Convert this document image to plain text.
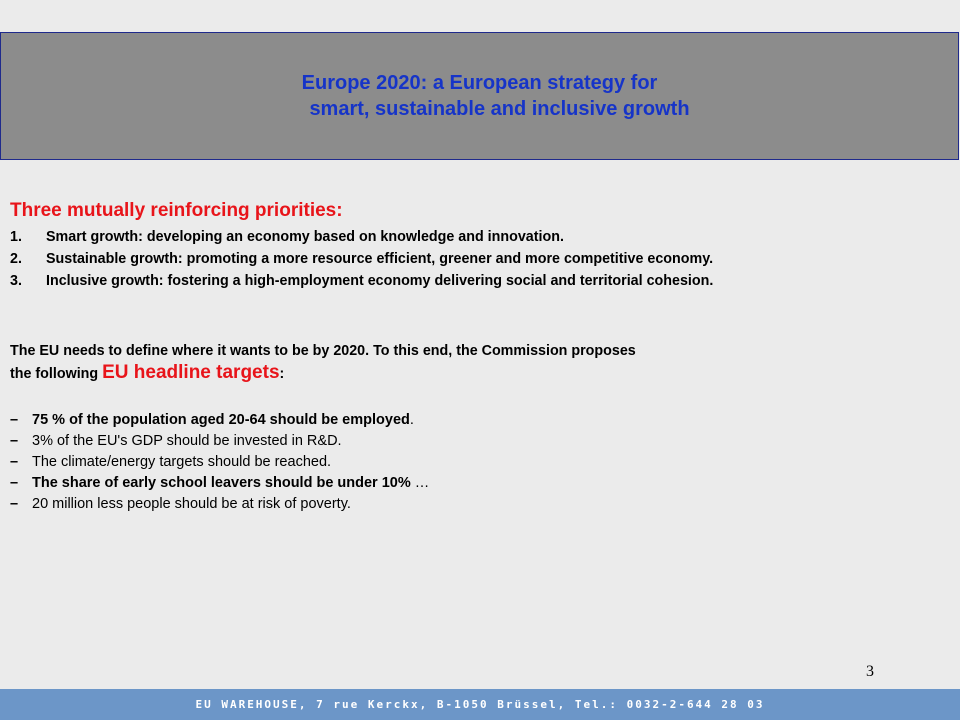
Europe 2020: a European strategy for
smart, sustainable and inclusive growth
Three mutually reinforcing priorities:
1.	Smart growth: developing an economy based on knowledge and innovation.
2.	Sustainable growth: promoting a more resource efficient, greener and more competitive economy.
3.	Inclusive growth: fostering a high-employment economy delivering social and territorial cohesion.
The EU needs to define where it wants to be by 2020. To this end, the Commission proposes
the following EU headline targets:
– 75 % of the population aged 20-64 should be employed.
– 3% of the EU's GDP should be invested in R&D.
– The climate/energy targets should be reached.
– The share of early school leavers should be under 10% …
– 20 million less people should be at risk of poverty.
3
EU WAREHOUSE, 7 rue Kerckx, B-1050 Brüssel, Tel.: 0032-2-644 28 03
